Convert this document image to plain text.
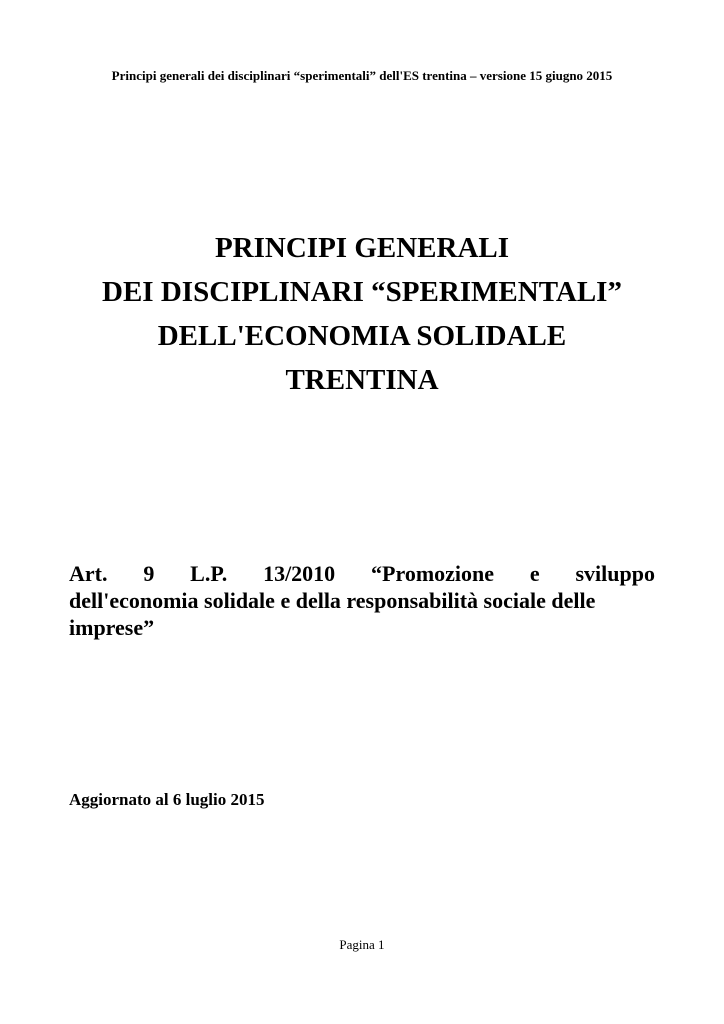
Principi generali dei disciplinari “sperimentali” dell'ES trentina – versione 15 giugno 2015
PRINCIPI GENERALI
DEI DISCIPLINARI “SPERIMENTALI”
DELL'ECONOMIA SOLIDALE
TRENTINA
Art. 9 L.P. 13/2010 “Promozione e sviluppo
dell'economia solidale e della responsabilità sociale delle
imprese”
Aggiornato al 6 luglio 2015
Pagina 1
